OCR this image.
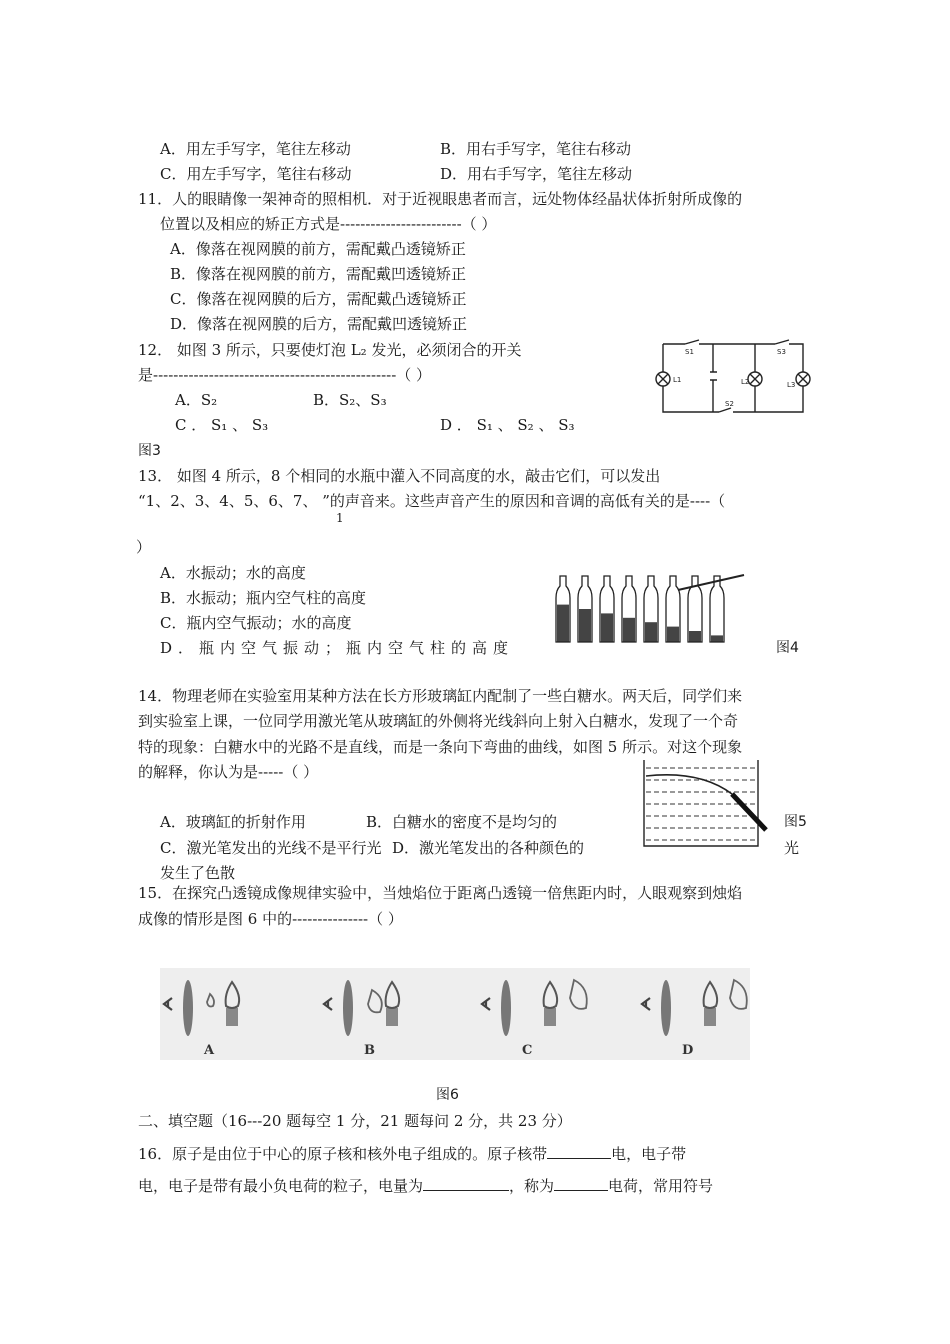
A．用左手写字，笔往左移动	B．用右手写字，笔往右移动
C．用左手写字，笔往右移动	D．用右手写字，笔往左移动
11．人的眼睛像一架神奇的照相机．对于近视眼患者而言，远处物体经晶状体折射所成像的
位置以及相应的矫正方式是------------------------（ ）
A．像落在视网膜的前方，需配戴凸透镜矫正
B．像落在视网膜的前方，需配戴凹透镜矫正
C．像落在视网膜的后方，需配戴凸透镜矫正
D．像落在视网膜的后方，需配戴凹透镜矫正
12． 如图 3 所示，只要使灯泡 L₂ 发光，必须闭合的开关
是------------------------------------------------（ ）
A．S₂	B．S₂、S₃
C ． S₁ 、 S₃	D ． S₁ 、 S₂ 、 S₃
图3
S1	S3
L1	L2	L3
S2
13． 如图 4 所示，8 个相同的水瓶中灌入不同高度的水，敲击它们，可以发出
“1、2、3、4、5、6、7、 ”的声音来。这些声音产生的原因和音调的高低有关的是----（
1
）
A．水振动；水的高度
B．水振动；瓶内空气柱的高度
C．瓶内空气振动；水的高度
D．瓶内空气振动；瓶内空气柱的高度	图4
14．物理老师在实验室用某种方法在长方形玻璃缸内配制了一些白糖水。两天后，同学们来
到实验室上课，一位同学用激光笔从玻璃缸的外侧将光线斜向上射入白糖水，发现了一个奇
特的现象：白糖水中的光路不是直线，而是一条向下弯曲的曲线，如图 5 所示。对这个现象
的解释，你认为是-----（ ）
A．玻璃缸的折射作用	B．白糖水的密度不是均匀的
C．激光笔发出的光线不是平行光 D．激光笔发出的各种颜色的
发生了色散
图5
光
15．在探究凸透镜成像规律实验中，当烛焰位于距离凸透镜一倍焦距内时，人眼观察到烛焰
成像的情形是图 6 中的---------------（ ）
A	B	C	D
图6
二、填空题（16---20 题每空 1 分，21 题每问 2 分，共 23 分）
16．原子是由位于中心的原子核和核外电子组成的。原子核带	电，电子带
电，电子是带有最小负电荷的粒子，电量为	，称为	电荷，常用符号
